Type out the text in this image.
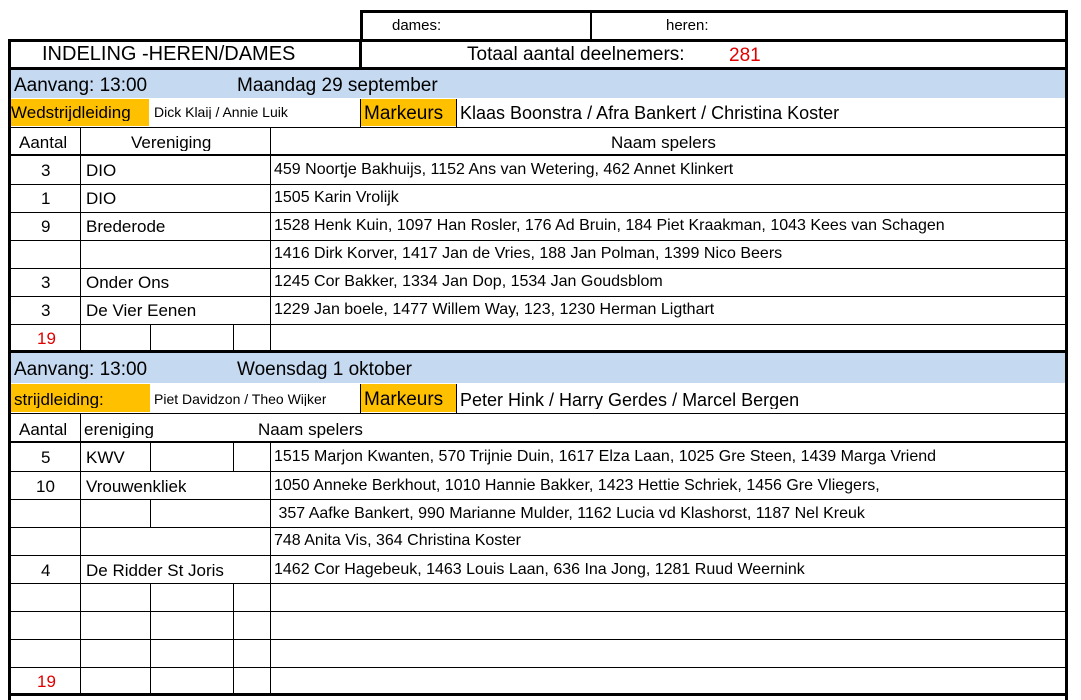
dames:	heren:
INDELING -HEREN/DAMES	Totaal aantal deelnemers: 281
Aanvang: 13:00	Maandag 29 september
Wedstrijdleiding Dick Klaij / Annie Luik	Markeurs Klaas Boonstra / Afra Bankert / Christina Koster
Aantal	Vereniging	Naam spelers
3 DIO	459 Noortje Bakhuijs, 1152 Ans van Wetering, 462 Annet Klinkert
1 DIO	1505 Karin Vrolijk
9 Brederode	1528 Henk Kuin, 1097 Han Rosler, 176 Ad Bruin, 184 Piet Kraakman, 1043 Kees van Schagen
1416 Dirk Korver, 1417 Jan de Vries, 188 Jan Polman, 1399 Nico Beers
3 Onder Ons	1245 Cor Bakker, 1334 Jan Dop, 1534 Jan Goudsblom
3 De Vier Eenen	1229 Jan boele, 1477 Willem Way, 123, 1230 Herman Ligthart
19
Aanvang: 13:00	Woensdag 1 oktober
strijdleiding:	Piet Davidzon / Theo Wijker Markeurs Peter Hink / Harry Gerdes / Marcel Bergen
Aantal ereniging	Naam spelers
5 KWV	1515 Marjon Kwanten, 570 Trijnie Duin, 1617 Elza Laan, 1025 Gre Steen, 1439 Marga Vriend
10 Vrouwenkliek	1050 Anneke Berkhout, 1010 Hannie Bakker, 1423 Hettie Schriek, 1456 Gre Vliegers,
357 Aafke Bankert, 990 Marianne Mulder, 1162 Lucia vd Klashorst, 1187 Nel Kreuk
748 Anita Vis, 364 Christina Koster
4 De Ridder St Joris	1462 Cor Hagebeuk, 1463 Louis Laan, 636 Ina Jong, 1281 Ruud Weernink
19
